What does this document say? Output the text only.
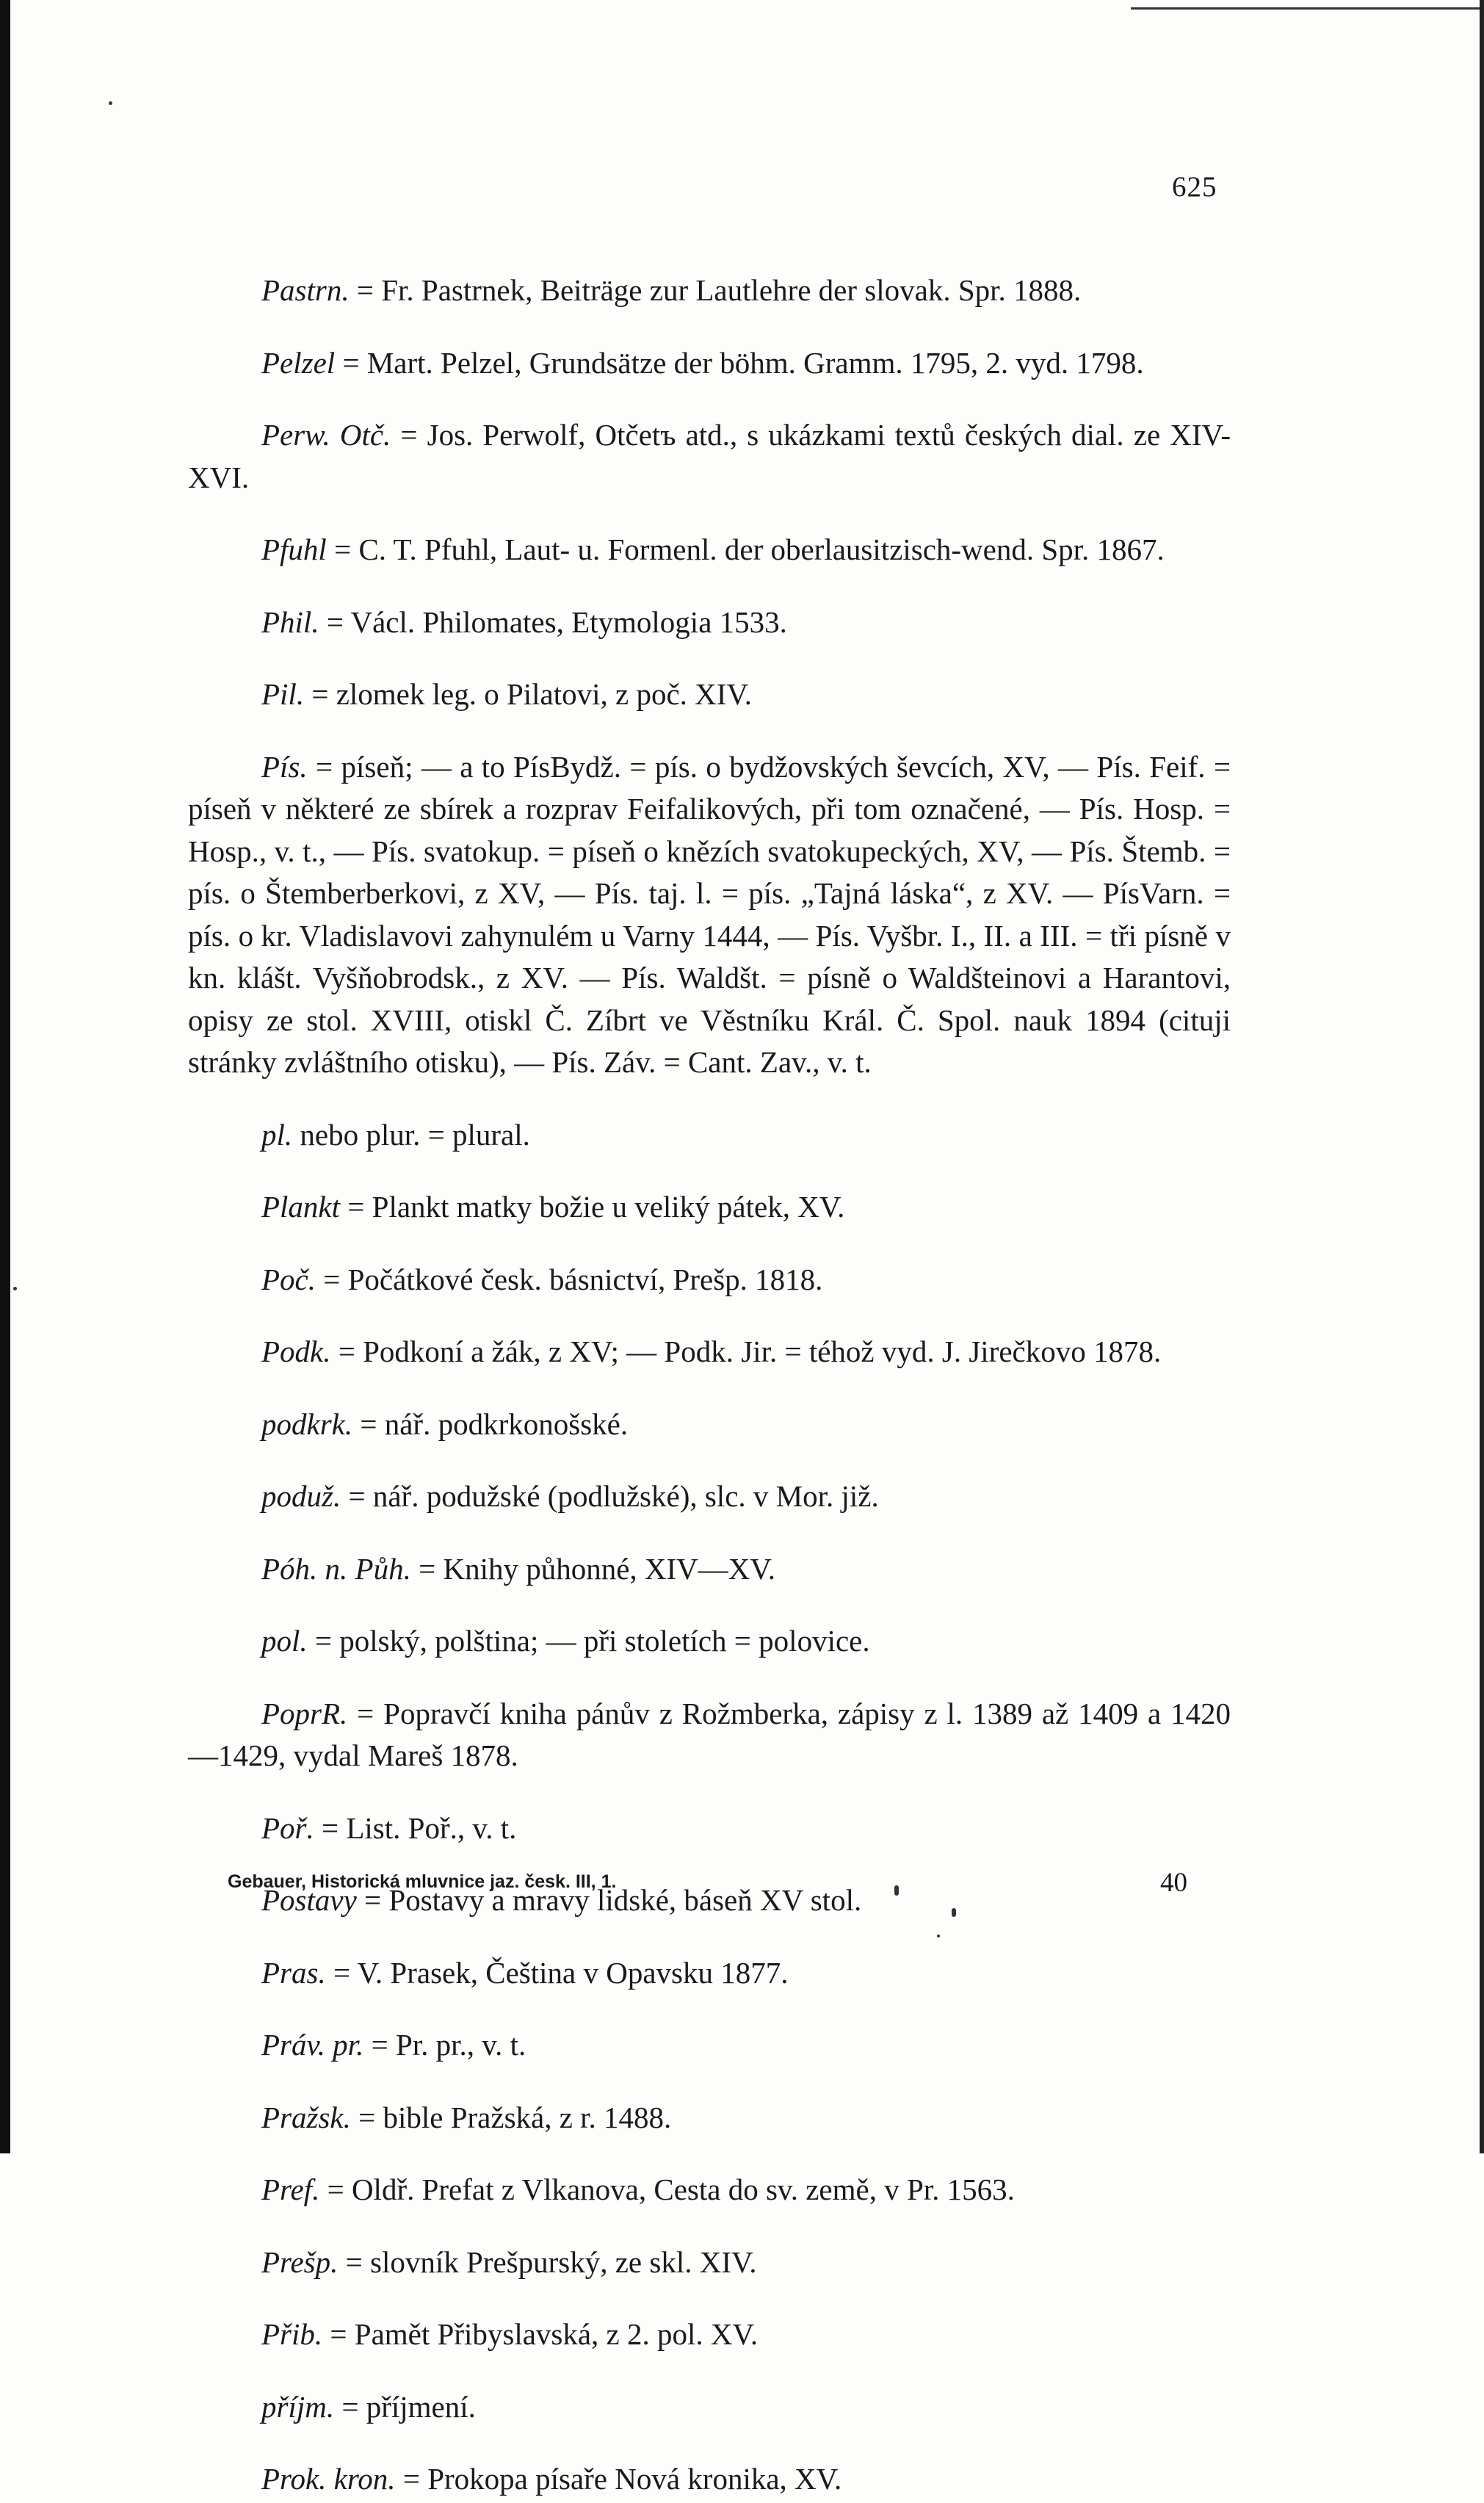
625

Pastrn. = Fr. Pastrnek, Beiträge zur Lautlehre der slovak. Spr. 1888.

Pelzel = Mart. Pelzel, Grundsätze der böhm. Gramm. 1795, 2. vyd. 1798.

Perw. Otč. = Jos. Perwolf, Otčetъ atd., s ukázkami textů českých dial. ze XIV-XVI.

Pfuhl = C. T. Pfuhl, Laut- u. Formenl. der oberlausitzisch-wend. Spr. 1867.

Phil. = Václ. Philomates, Etymologia 1533.

Pil. = zlomek leg. o Pilatovi, z poč. XIV.

Pís. = píseň; — a to PísBydž. = pís. o bydžovských ševcích, XV, — Pís. Feif. = píseň v některé ze sbírek a rozprav Feifalikových, při tom označené, — Pís. Hosp. = Hosp., v. t., — Pís. svatokup. = píseň o knězích svatokupeckých, XV, — Pís. Štemb. = pís. o Štemberberkovi, z XV, — Pís. taj. l. = pís. „Tajná láska“, z XV. — PísVarn. = pís. o kr. Vladislavovi zahynulém u Varny 1444, — Pís. Vyšbr. I., II. a III. = tři písně v kn. klášt. Vyšňobrodsk., z XV. — Pís. Waldšt. = písně o Waldšteinovi a Harantovi, opisy ze stol. XVIII, otiskl Č. Zíbrt ve Věstníku Král. Č. Spol. nauk 1894 (cituji stránky zvláštního otisku), — Pís. Záv. = Cant. Zav., v. t.

pl. nebo plur. = plural.

Plankt = Plankt matky božie u veliký pátek, XV.

Poč. = Počátkové česk. básnictví, Prešp. 1818.

Podk. = Podkoní a žák, z XV; — Podk. Jir. = téhož vyd. J. Jirečkovo 1878.

podkrk. = nář. podkrkonošské.

poduž. = nář. podužské (podlužské), slc. v Mor. již.

Póh. n. Půh. = Knihy půhonné, XIV—XV.

pol. = polský, polština; — při stoletích = polovice.

PoprR. = Popravčí kniha pánův z Rožmberka, zápisy z l. 1389 až 1409 a 1420—1429, vydal Mareš 1878.

Poř. = List. Poř., v. t.

Postavy = Postavy a mravy lidské, báseň XV stol.

Pras. = V. Prasek, Čeština v Opavsku 1877.

Práv. pr. = Pr. pr., v. t.

Pražsk. = bible Pražská, z r. 1488.

Pref. = Oldř. Prefat z Vlkanova, Cesta do sv. země, v Pr. 1563.

Prešp. = slovník Prešpurský, ze skl. XIV.

Přib. = Pamět Přibyslavská, z 2. pol. XV.

příjm. = příjmení.

Prok. kron. = Prokopa písaře Nová kronika, XV.

Gebauer, Historická mluvnice jaz. česk. III, 1.	40
